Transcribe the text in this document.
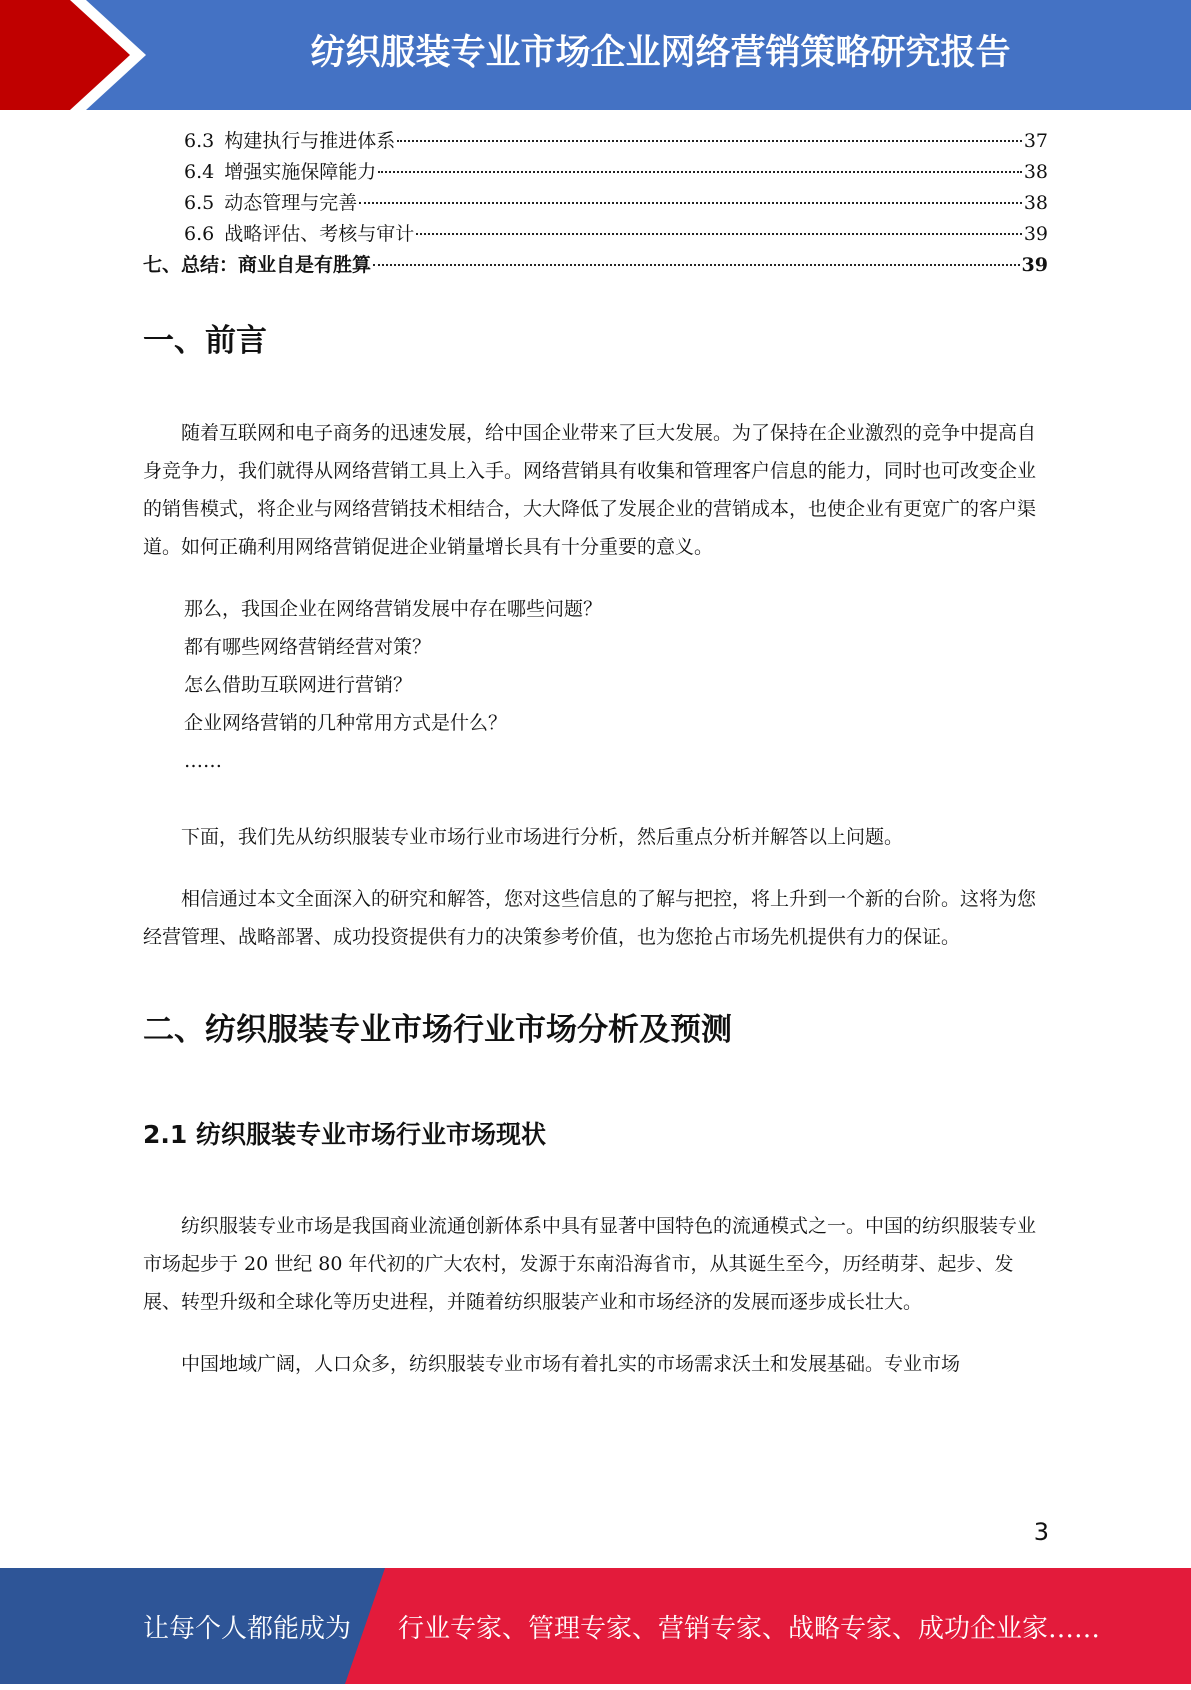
纺织服装专业市场企业网络营销策略研究报告
6.3 构建执行与推进体系	37
6.4 增强实施保障能力	38
6.5 动态管理与完善	38
6.6 战略评估、考核与审计	39
七、总结：商业自是有胜算	39
一、前言

随着互联网和电子商务的迅速发展，给中国企业带来了巨大发展。为了保持在企业激烈的竞争中提高自身竞争力，我们就得从网络营销工具上入手。网络营销具有收集和管理客户信息的能力，同时也可改变企业的销售模式，将企业与网络营销技术相结合，大大降低了发展企业的营销成本，也使企业有更宽广的客户渠道。如何正确利用网络营销促进企业销量增长具有十分重要的意义。

那么，我国企业在网络营销发展中存在哪些问题？

都有哪些网络营销经营对策？

怎么借助互联网进行营销？

企业网络营销的几种常用方式是什么？

……

下面，我们先从纺织服装专业市场行业市场进行分析，然后重点分析并解答以上问题。

相信通过本文全面深入的研究和解答，您对这些信息的了解与把控，将上升到一个新的台阶。这将为您经营管理、战略部署、成功投资提供有力的决策参考价值，也为您抢占市场先机提供有力的保证。

二、纺织服装专业市场行业市场分析及预测
2.1 纺织服装专业市场行业市场现状

纺织服装专业市场是我国商业流通创新体系中具有显著中国特色的流通模式之一。中国的纺织服装专业市场起步于 20 世纪 80 年代初的广大农村，发源于东南沿海省市，从其诞生至今，历经萌芽、起步、发展、转型升级和全球化等历史进程，并随着纺织服装产业和市场经济的发展而逐步成长壮大。

中国地域广阔，人口众多，纺织服装专业市场有着扎实的市场需求沃土和发展基础。专业市场

3
让每个人都能成为 行业专家、管理专家、营销专家、战略专家、成功企业家……
